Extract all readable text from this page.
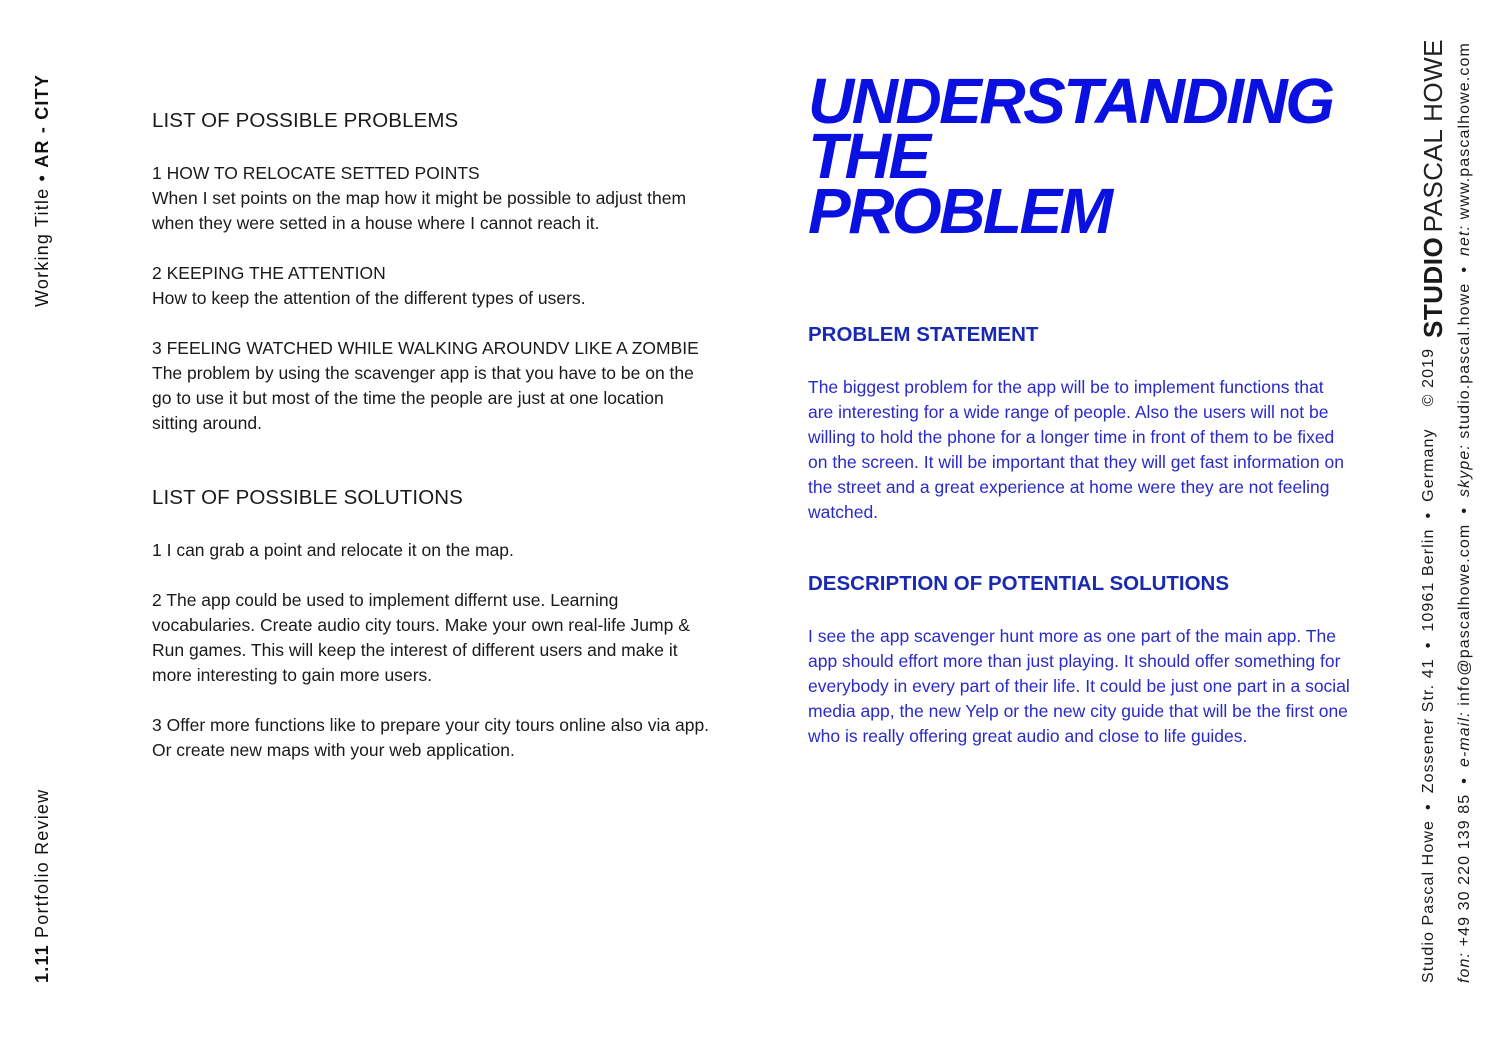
Working Title • AR - CITY
1.11 Portfolio Review
LIST OF POSSIBLE PROBLEMS

1 HOW TO RELOCATE SETTED POINTS

When I set points on the map how it might be possible to adjust them when they were setted in a house where I cannot reach it.

2 KEEPING THE ATTENTION

How to keep the attention of the different types of users.

3 FEELING WATCHED WHILE WALKING AROUNDV LIKE A ZOMBIE

The problem by using the scavenger app is that you have to be on the go to use it but most of the time the people are just at one location sitting around.

LIST OF POSSIBLE SOLUTIONS

1 I can grab a point and relocate it on the map.

2 The app could be used to implement differnt use. Learning vocabularies. Create audio city tours. Make your own real-life Jump & Run games. This will keep the interest of different users and make it more interesting to gain more users.

3 Offer more functions like to prepare your city tours online also via app. Or create new maps with your web application.

UNDERSTANDING
THE
PROBLEM
PROBLEM STATEMENT

The biggest problem for the app will be to implement functions that are interesting for a wide range of people. Also the users will not be willing to hold the phone for a longer time in front of them to be fixed on the screen. It will be important that they will get fast information on the street and a great experience at home were they are not feeling watched.

DESCRIPTION OF POTENTIAL SOLUTIONS

I see the app scavenger hunt more as one part of the main app. The app should effort more than just playing. It should offer something for everybody in every part of their life. It could be just one part in a social media app, the new Yelp or the new city guide that will be the first one who is really offering great audio and close to life guides.

STUDIO PASCAL HOWE
Studio Pascal Howe•Zossener Str. 41•10961 Berlin•Germany© 2019
fon: +49 30 220 139 85•e-mail: info@pascalhowe.com•skype: studio.pascal.howe•net: www.pascalhowe.com
